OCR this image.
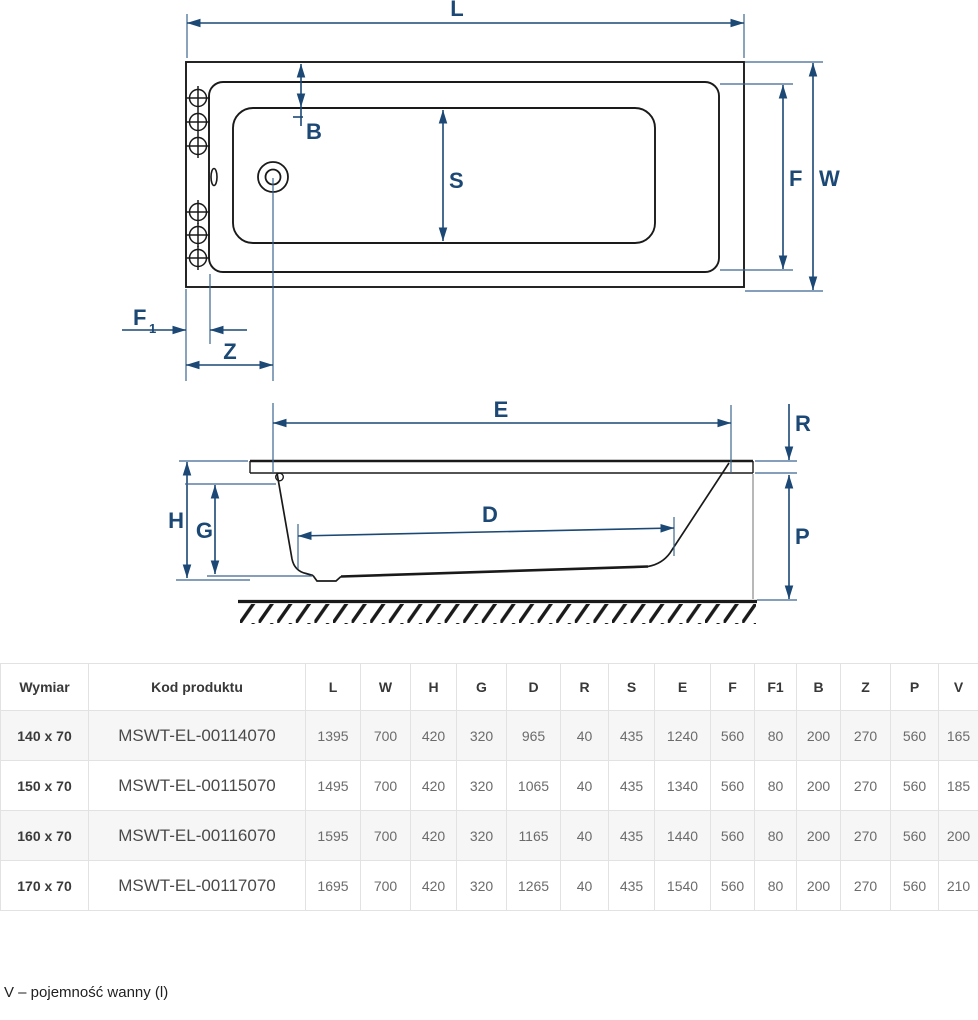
L
B
S	F W
F 1
Z
E
H G
D
R
P
Wymiar	Kod produktu	L	W	H	G	D	R	S	E	F	F1	B	Z	P	V
140 x 70	MSWT-EL-00114070	1395	700	420	320	965	40	435	1240	560	80	200	270	560	165
150 x 70	MSWT-EL-00115070	1495	700	420	320	1065	40	435	1340	560	80	200	270	560	185
160 x 70	MSWT-EL-00116070	1595	700	420	320	1165	40	435	1440	560	80	200	270	560	200
170 x 70	MSWT-EL-00117070	1695	700	420	320	1265	40	435	1540	560	80	200	270	560	210
V – pojemność wanny (l)
